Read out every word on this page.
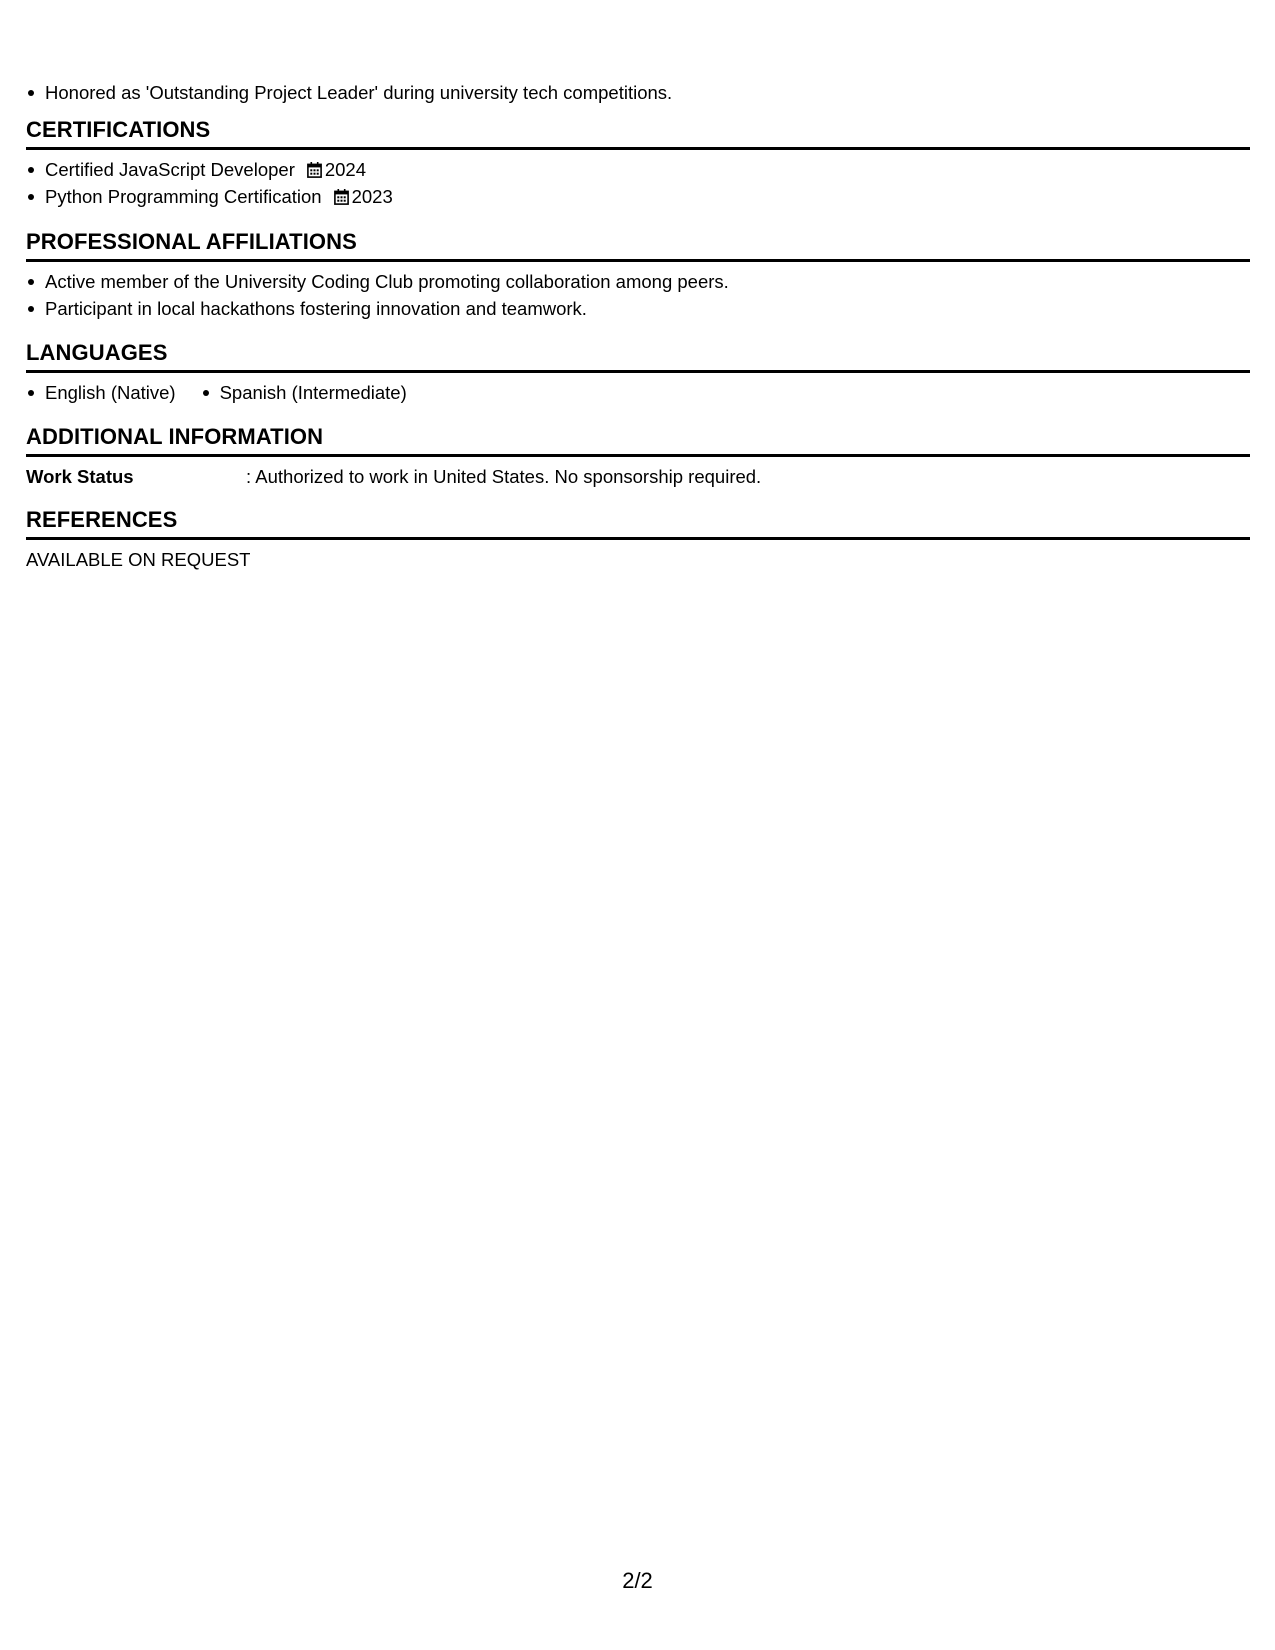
Honored as 'Outstanding Project Leader' during university tech competitions.
CERTIFICATIONS
Certified JavaScript Developer 2024
Python Programming Certification 2023
PROFESSIONAL AFFILIATIONS
Active member of the University Coding Club promoting collaboration among peers.
Participant in local hackathons fostering innovation and teamwork.
LANGUAGES
English (Native)	Spanish (Intermediate)
ADDITIONAL INFORMATION
Work Status	: Authorized to work in United States. No sponsorship required.
REFERENCES
AVAILABLE ON REQUEST
2/2
